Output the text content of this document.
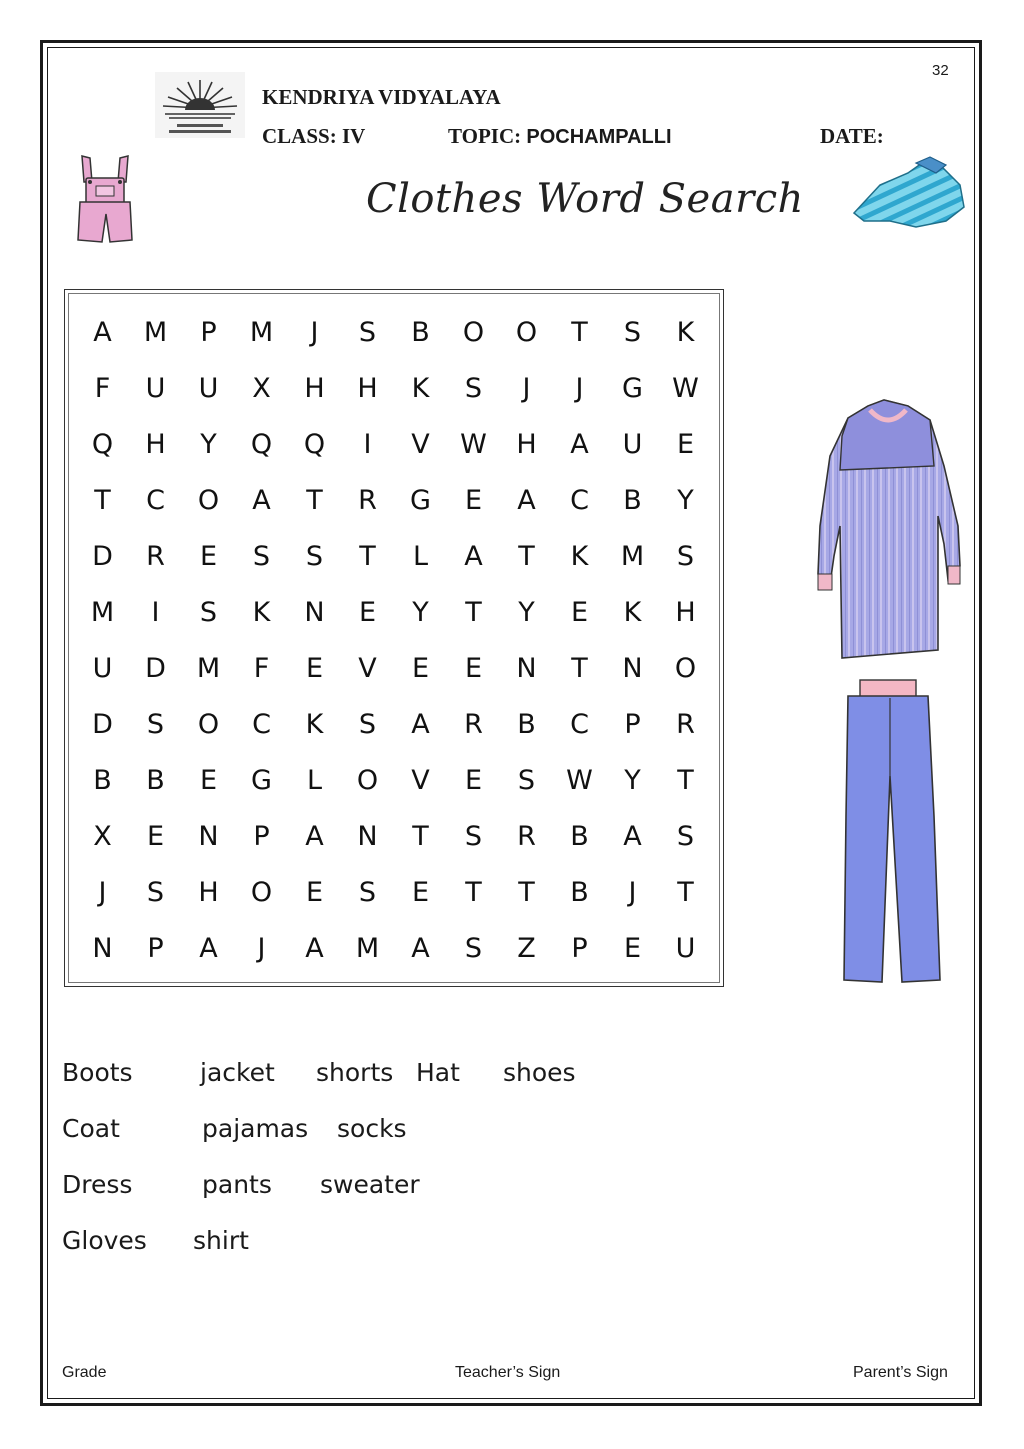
32
KENDRIYA VIDYALAYA
CLASS: IV	TOPIC: POCHAMPALLI	DATE:
Clothes Word Search
A	M	P	M	J	S	B	O	O	T	S	K
F	U	U	X	H	H	K	S	J	J	G	W
Q	H	Y	Q	Q	I	V	W	H	A	U	E
T	C	O	A	T	R	G	E	A	C	B	Y
D	R	E	S	S	T	L	A	T	K	M	S
M	I	S	K	N	E	Y	T	Y	E	K	H
U	D	M	F	E	V	E	E	N	T	N	O
D	S	O	C	K	S	A	R	B	C	P	R
B	B	E	G	L	O	V	E	S	W	Y	T
X	E	N	P	A	N	T	S	R	B	A	S
J	S	H	O	E	S	E	T	T	B	J	T
N	P	A	J	A	M	A	S	Z	P	E	U
Boots	jacket shorts Hat shoes
Coat	pajamas socks
Dress	pants sweater
Gloves shirt
Grade	Teacher’s Sign	Parent’s Sign
